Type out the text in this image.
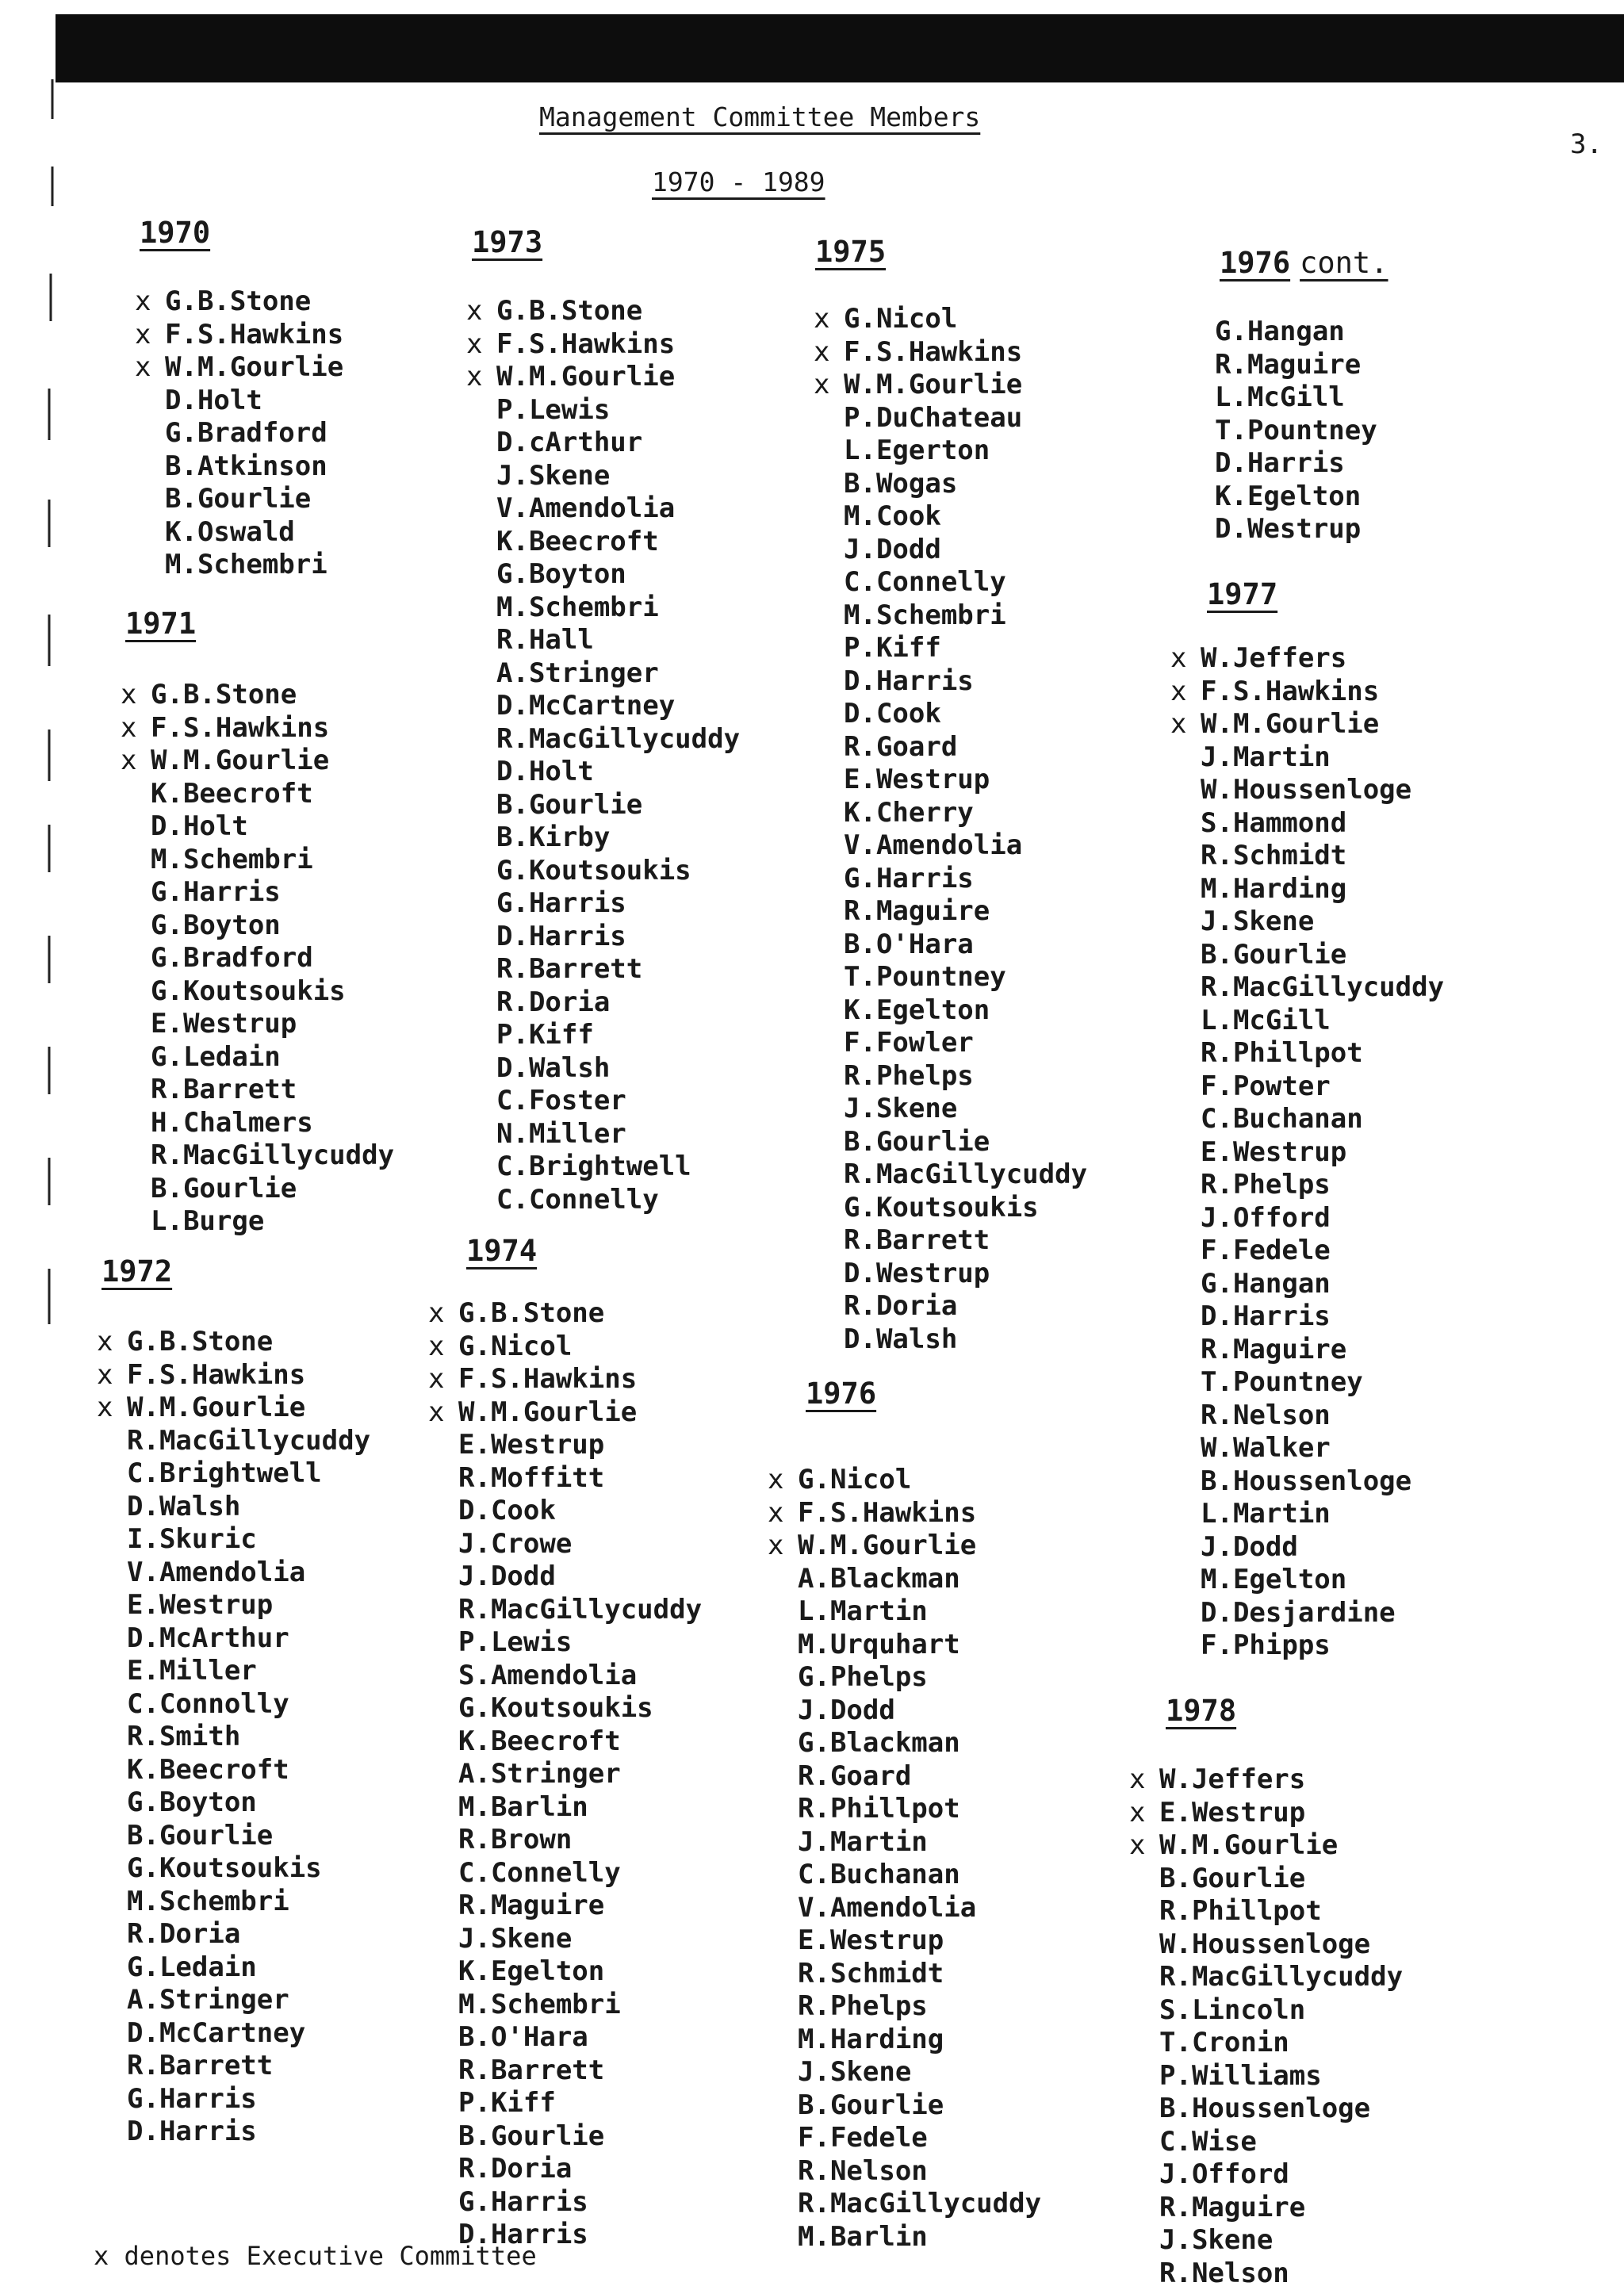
Management Committee Members
1970 - 1989
3.
1970
x G.B.Stone
x F.S.Hawkins
x W.M.Gourlie
D.Holt
G.Bradford
B.Atkinson
B.Gourlie
K.Oswald
M.Schembri
1971
x G.B.Stone
x F.S.Hawkins
x W.M.Gourlie
K.Beecroft
D.Holt
M.Schembri
G.Harris
G.Boyton
G.Bradford
G.Koutsoukis
E.Westrup
G.Ledain
R.Barrett
H.Chalmers
R.MacGillycuddy
B.Gourlie
L.Burge
1972
x G.B.Stone
x F.S.Hawkins
x W.M.Gourlie
R.MacGillycuddy
C.Brightwell
D.Walsh
I.Skuric
V.Amendolia
E.Westrup
D.McArthur
E.Miller
C.Connolly
R.Smith
K.Beecroft
G.Boyton
B.Gourlie
G.Koutsoukis
M.Schembri
R.Doria
G.Ledain
A.Stringer
D.McCartney
R.Barrett
G.Harris
D.Harris
1973
x G.B.Stone
x F.S.Hawkins
x W.M.Gourlie
P.Lewis
D.cArthur
J.Skene
V.Amendolia
K.Beecroft
G.Boyton
M.Schembri
R.Hall
A.Stringer
D.McCartney
R.MacGillycuddy
D.Holt
B.Gourlie
B.Kirby
G.Koutsoukis
G.Harris
D.Harris
R.Barrett
R.Doria
P.Kiff
D.Walsh
C.Foster
N.Miller
C.Brightwell
C.Connelly
1974
x G.B.Stone
x G.Nicol
x F.S.Hawkins
x W.M.Gourlie
E.Westrup
R.Moffitt
D.Cook
J.Crowe
J.Dodd
R.MacGillycuddy
P.Lewis
S.Amendolia
G.Koutsoukis
K.Beecroft
A.Stringer
M.Barlin
R.Brown
C.Connelly
R.Maguire
J.Skene
K.Egelton
M.Schembri
B.O'Hara
R.Barrett
P.Kiff
B.Gourlie
R.Doria
G.Harris
D.Harris
1975
x G.Nicol
x F.S.Hawkins
x W.M.Gourlie
P.DuChateau
L.Egerton
B.Wogas
M.Cook
J.Dodd
C.Connelly
M.Schembri
P.Kiff
D.Harris
D.Cook
R.Goard
E.Westrup
K.Cherry
V.Amendolia
G.Harris
R.Maguire
B.O'Hara
T.Pountney
K.Egelton
F.Fowler
R.Phelps
J.Skene
B.Gourlie
R.MacGillycuddy
G.Koutsoukis
R.Barrett
D.Westrup
R.Doria
D.Walsh
1976
x G.Nicol
x F.S.Hawkins
x W.M.Gourlie
A.Blackman
L.Martin
M.Urquhart
G.Phelps
J.Dodd
G.Blackman
R.Goard
R.Phillpot
J.Martin
C.Buchanan
V.Amendolia
E.Westrup
R.Schmidt
R.Phelps
M.Harding
J.Skene
B.Gourlie
F.Fedele
R.Nelson
R.MacGillycuddy
M.Barlin
1976 cont.
G.Hangan
R.Maguire
L.McGill
T.Pountney
D.Harris
K.Egelton
D.Westrup
1977
x W.Jeffers
x F.S.Hawkins
x W.M.Gourlie
J.Martin
W.Houssenloge
S.Hammond
R.Schmidt
M.Harding
J.Skene
B.Gourlie
R.MacGillycuddy
L.McGill
R.Phillpot
F.Powter
C.Buchanan
E.Westrup
R.Phelps
J.Offord
F.Fedele
G.Hangan
D.Harris
R.Maguire
T.Pountney
R.Nelson
W.Walker
B.Houssenloge
L.Martin
J.Dodd
M.Egelton
D.Desjardine
F.Phipps
1978
x W.Jeffers
x E.Westrup
x W.M.Gourlie
B.Gourlie
R.Phillpot
W.Houssenloge
R.MacGillycuddy
S.Lincoln
T.Cronin
P.Williams
B.Houssenloge
C.Wise
J.Offord
R.Maguire
J.Skene
R.Nelson
x denotes Executive Committee
